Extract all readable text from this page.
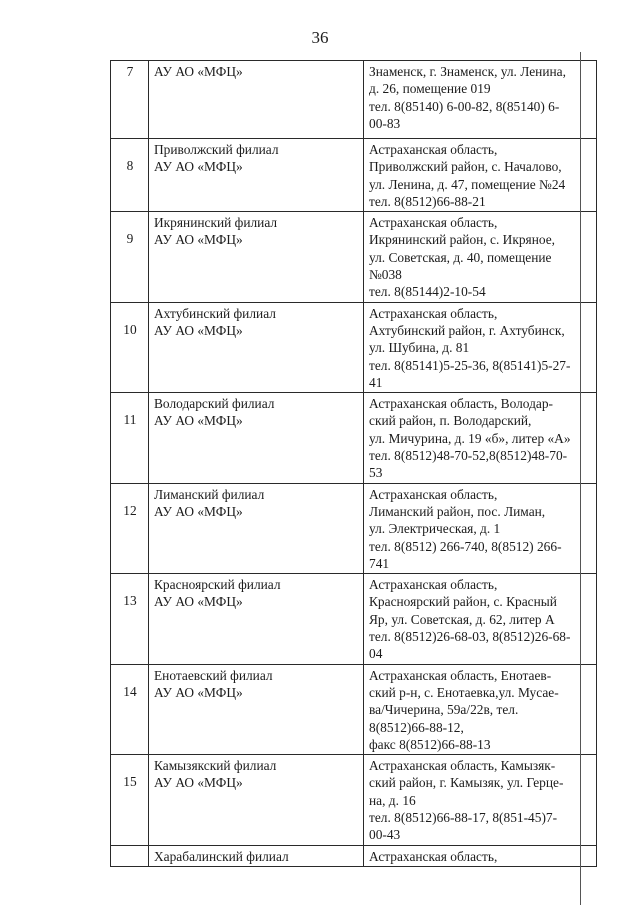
36
7	АУ АО «МФЦ»	Знаменск, г. Знаменск, ул. Ленина,
д. 26, помещение 019
тел. 8(85140) 6-00-82, 8(85140) 6-
00-83

8	Приволжский филиал
АУ АО «МФЦ»	Астраханская область,
Приволжский район, с. Началово,
ул. Ленина, д. 47, помещение №24
тел. 8(8512)66-88-21

9	Икрянинский филиал
АУ АО «МФЦ»	Астраханская область,
Икрянинский район, с. Икряное,
ул. Советская, д. 40, помещение
№038
тел. 8(85144)2-10-54

10	Ахтубинский филиал
АУ АО «МФЦ»	Астраханская область,
Ахтубинский район, г. Ахтубинск,
ул. Шубина, д. 81
тел. 8(85141)5-25-36, 8(85141)5-27-
41

11	Володарский филиал
АУ АО «МФЦ»	Астраханская область, Володар-
ский район, п. Володарский,
ул. Мичурина, д. 19 «б», литер «А»
тел. 8(8512)48-70-52,8(8512)48-70-
53

12	Лиманский филиал
АУ АО «МФЦ»	Астраханская область,
Лиманский район, пос. Лиман,
ул. Электрическая, д. 1
тел. 8(8512) 266-740, 8(8512) 266-
741

13	Красноярский филиал
АУ АО «МФЦ»	Астраханская область,
Красноярский район, с. Красный
Яр, ул. Советская, д. 62, литер А
тел. 8(8512)26-68-03, 8(8512)26-68-
04

14	Енотаевский филиал
АУ АО «МФЦ»	Астраханская область, Енотаев-
ский р-н, с. Енотаевка,ул. Мусае-
ва/Чичерина, 59а/22в, тел.
8(8512)66-88-12,
факс 8(8512)66-88-13

15	Камызякский филиал
АУ АО «МФЦ»	Астраханская область, Камызяк-
ский район, г. Камызяк, ул. Герце-
на, д. 16
тел. 8(8512)66-88-17, 8(851-45)7-
00-43

	Харабалинский филиал	Астраханская область,
